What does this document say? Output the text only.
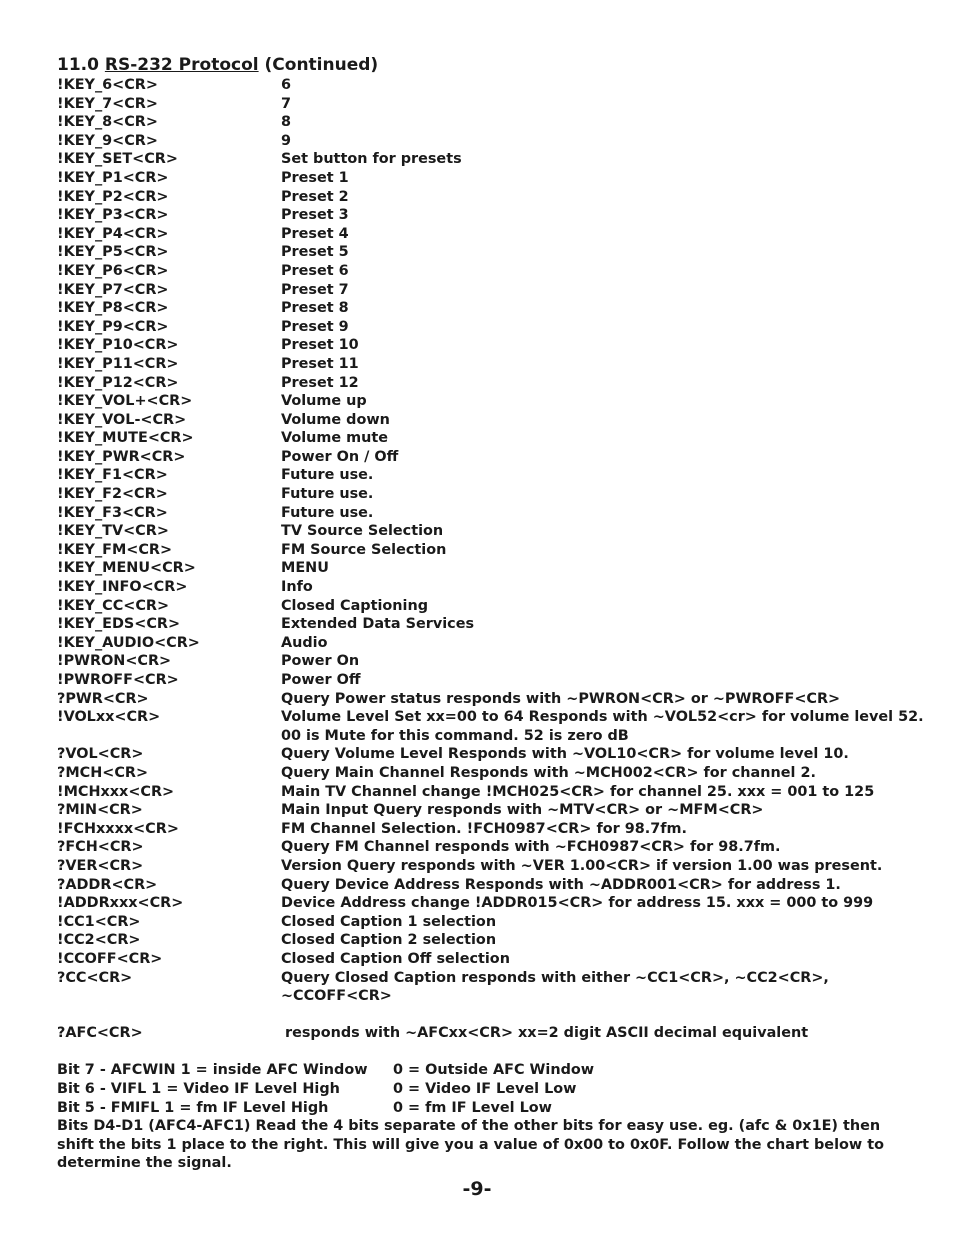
11.0 RS-232 Protocol (Continued)
!KEY_6<CR>	6
!KEY_7<CR>	7
!KEY_8<CR>	8
!KEY_9<CR>	9
!KEY_SET<CR>	Set button for presets
!KEY_P1<CR>	Preset 1
!KEY_P2<CR>	Preset 2
!KEY_P3<CR>	Preset 3
!KEY_P4<CR>	Preset 4
!KEY_P5<CR>	Preset 5
!KEY_P6<CR>	Preset 6
!KEY_P7<CR>	Preset 7
!KEY_P8<CR>	Preset 8
!KEY_P9<CR>	Preset 9
!KEY_P10<CR>	Preset 10
!KEY_P11<CR>	Preset 11
!KEY_P12<CR>	Preset 12
!KEY_VOL+<CR>	Volume up
!KEY_VOL-<CR>	Volume down
!KEY_MUTE<CR>	Volume mute
!KEY_PWR<CR>	Power On / Off
!KEY_F1<CR>	Future use.
!KEY_F2<CR>	Future use.
!KEY_F3<CR>	Future use.
!KEY_TV<CR>	TV Source Selection
!KEY_FM<CR>	FM Source Selection
!KEY_MENU<CR>	MENU
!KEY_INFO<CR>	Info
!KEY_CC<CR>	Closed Captioning
!KEY_EDS<CR>	Extended Data Services
!KEY_AUDIO<CR>	Audio
!PWRON<CR>	Power On
!PWROFF<CR>	Power Off
?PWR<CR>	Query Power status responds with ~PWRON<CR> or ~PWROFF<CR>
!VOLxx<CR>	Volume Level Set xx=00 to 64 Responds with ~VOL52<cr> for volume level 52.
00 is Mute for this command. 52 is zero dB
?VOL<CR>	Query Volume Level Responds with ~VOL10<CR> for volume level 10.
?MCH<CR>	Query Main Channel Responds with ~MCH002<CR> for channel 2.
!MCHxxx<CR>	Main TV Channel change !MCH025<CR> for channel 25. xxx = 001 to 125
?MIN<CR>	Main Input Query responds with ~MTV<CR> or ~MFM<CR>
!FCHxxxx<CR>	FM Channel Selection. !FCH0987<CR> for 98.7fm.
?FCH<CR>	Query FM Channel responds with ~FCH0987<CR> for 98.7fm.
?VER<CR>	Version Query responds with ~VER 1.00<CR> if version 1.00 was present.
?ADDR<CR>	Query Device Address Responds with ~ADDR001<CR> for address 1.
!ADDRxxx<CR>	Device Address change !ADDR015<CR> for address 15. xxx = 000 to 999
!CC1<CR>	Closed Caption 1 selection
!CC2<CR>	Closed Caption 2 selection
!CCOFF<CR>	Closed Caption Off selection
?CC<CR>	Query Closed Caption responds with either ~CC1<CR>, ~CC2<CR>,
~CCOFF<CR>
?AFC<CR>	responds with ~AFCxx<CR> xx=2 digit ASCII decimal equivalent
Bit 7 - AFCWIN 1 = inside AFC Window 0 = Outside AFC Window
Bit 6 - VIFL 1 = Video IF Level High	0 = Video IF Level Low
Bit 5 - FMIFL 1 = fm IF Level High	0 = fm IF Level Low
Bits D4-D1 (AFC4-AFC1) Read the 4 bits separate of the other bits for easy use. eg. (afc & 0x1E) then shift the bits 1 place to the right. This will give you a value of 0x00 to 0x0F. Follow the chart below to determine the signal.
-9-
